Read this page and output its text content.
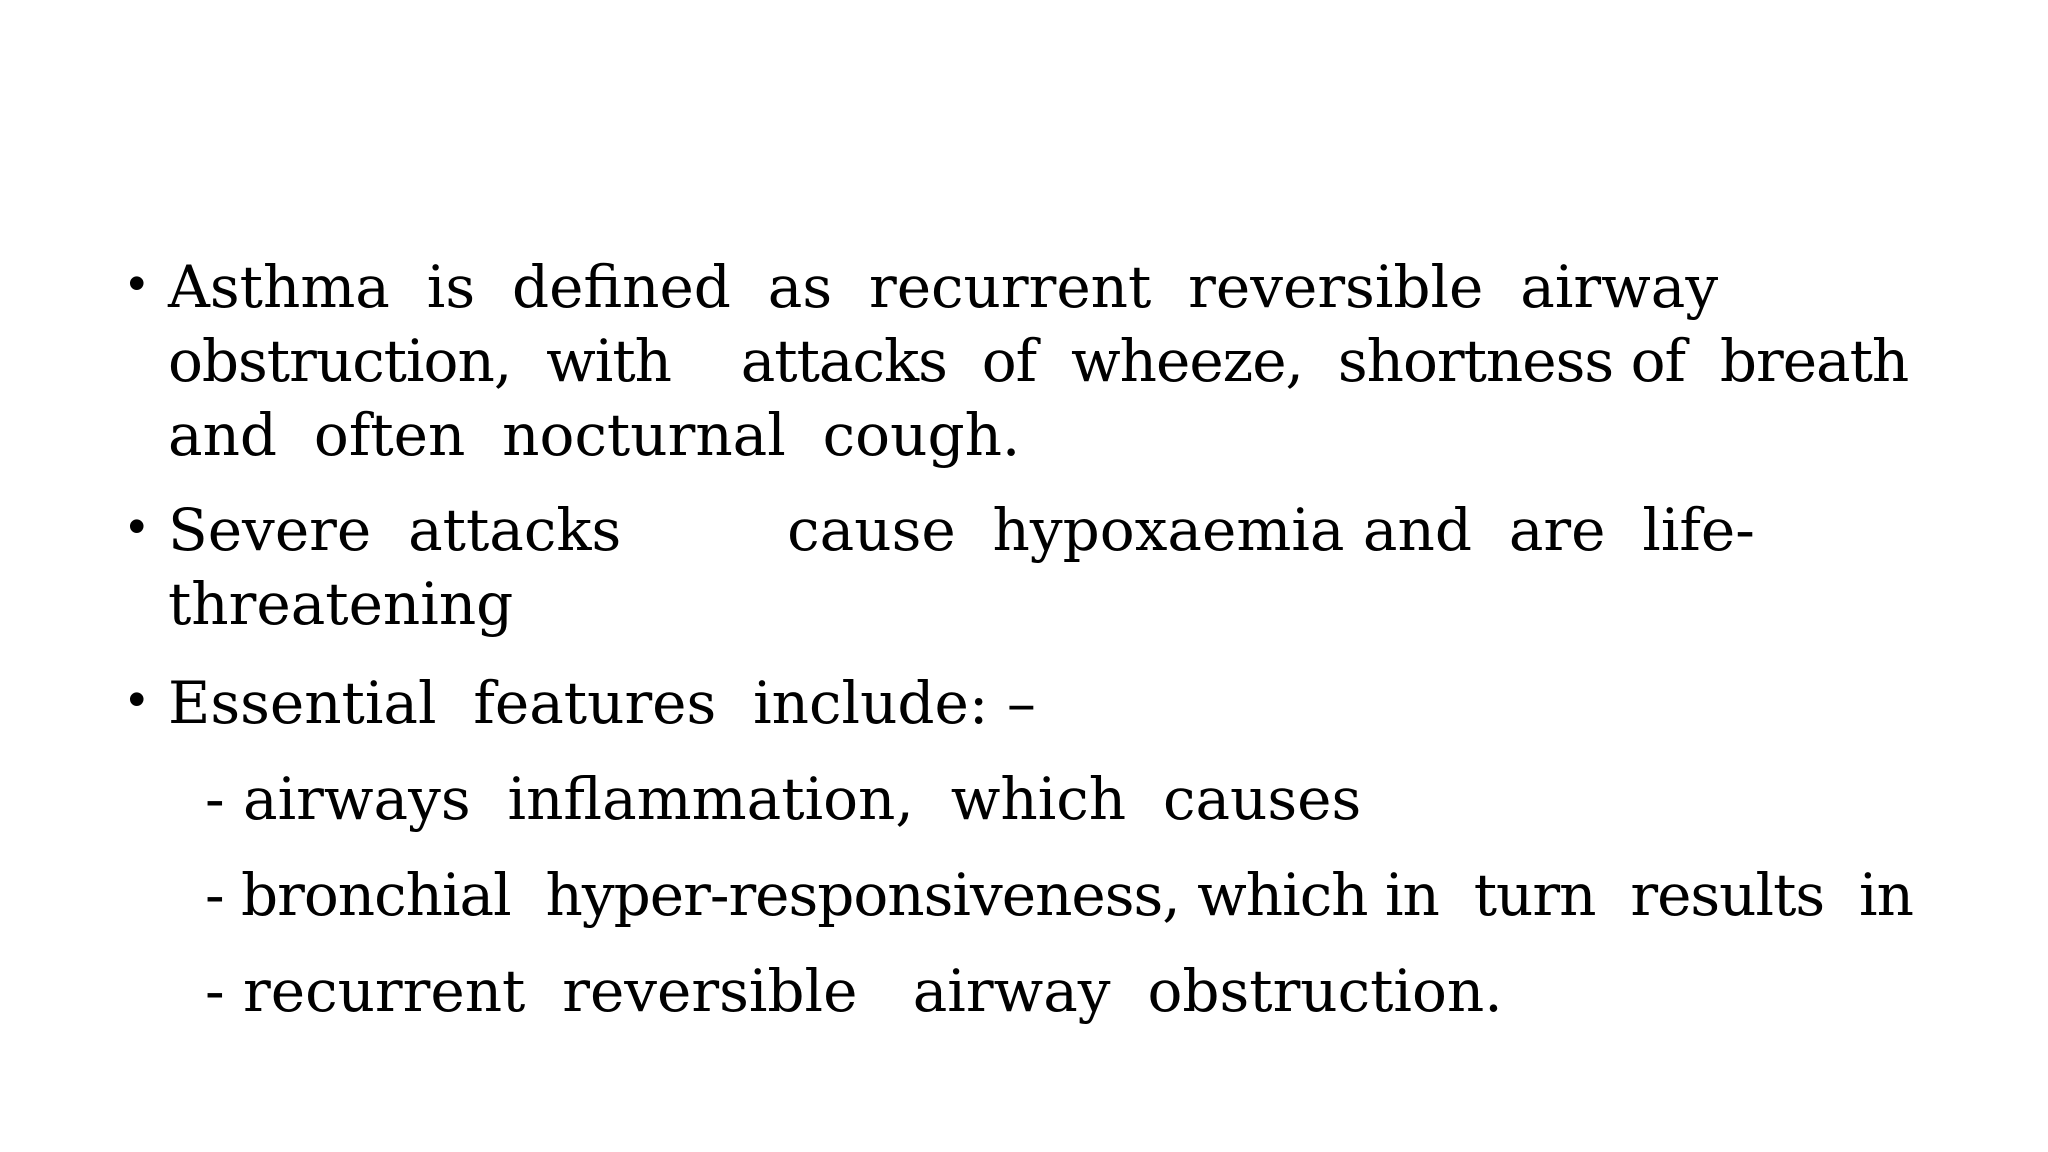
• Asthma  is  defined  as  recurrent  reversible  airway

obstruction,  with    attacks  of  wheeze,  shortness of  breath

and  often  nocturnal  cough.

• Severe  attacks         cause  hypoxaemia and  are  life-

threatening

• Essential  features  include: –

- airways  inflammation,  which  causes

- bronchial  hyper-responsiveness, which in  turn  results  in

- recurrent  reversible   airway  obstruction.
